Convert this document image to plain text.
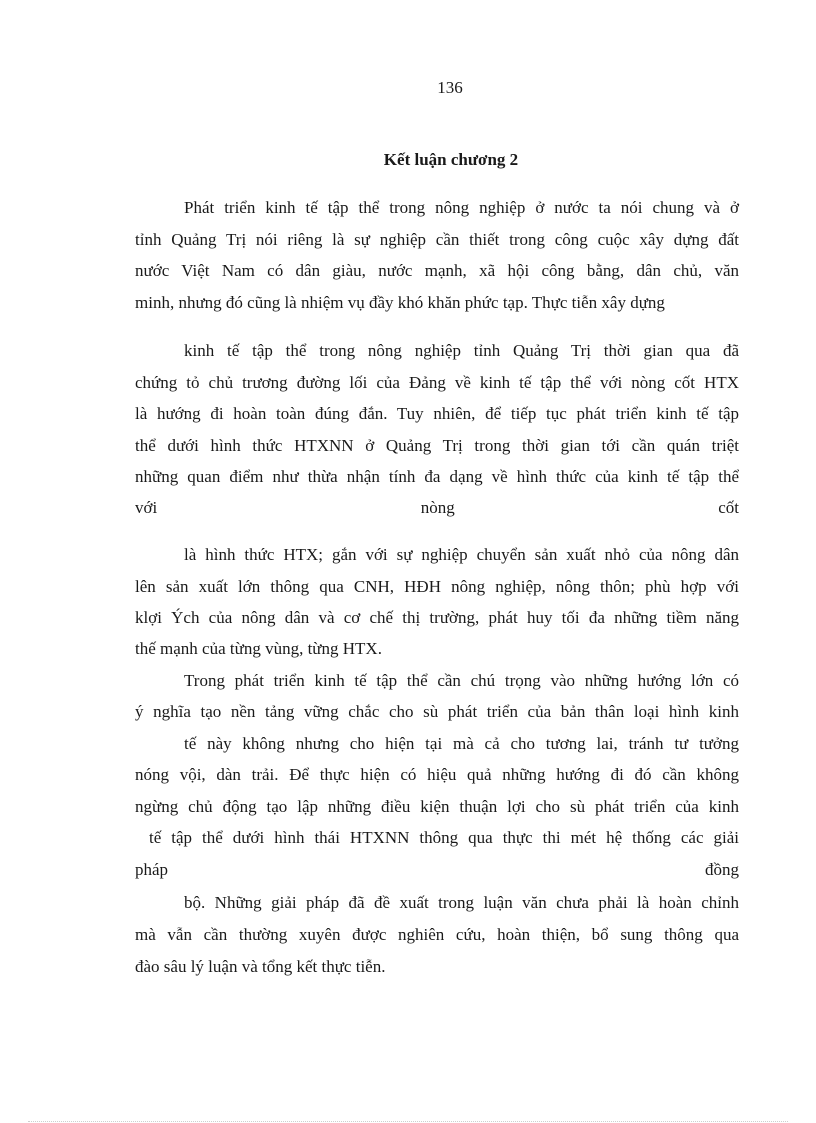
136
Kết luận chương 2
Phát triển kinh tế tập thể trong nông nghiệp ở nước ta nói chung và ở
tỉnh Quảng Trị nói riêng là sự nghiệp cần thiết trong công cuộc xây dựng đất
nước Việt Nam có dân giàu, nước mạnh, xã hội công bằng, dân chủ, văn
minh, nhưng đó cũng là nhiệm vụ đầy khó khăn phức tạp. Thực tiễn xây dựng
kinh tế tập thể trong nông nghiệp tỉnh Quảng Trị thời gian qua đã
chứng tỏ chủ trương đường lối của Đảng về kinh tế tập thể với nòng cốt HTX
là hướng đi hoàn toàn đúng đắn. Tuy nhiên, để tiếp tục phát triển kinh tế tập
thể dưới hình thức HTXNN ở Quảng Trị trong thời gian tới cần quán triệt
những quan điểm như thừa nhận tính đa dạng về hình thức của kinh tế tập thể
với nòng cốt
là hình thức HTX; gắn với sự nghiệp chuyển sản xuất nhỏ của nông dân
lên sản xuất lớn thông qua CNH, HĐH nông nghiệp, nông thôn; phù hợp với
klợi Ých của nông dân và cơ chế thị trường, phát huy tối đa những tiềm năng
thế mạnh của từng vùng, từng HTX.
Trong phát triển kinh tế tập thể cần chú trọng vào những hướng lớn có
ý nghĩa tạo nền tảng vững chắc cho sù phát triển của bản thân loại hình kinh
tế này không nhưng cho hiện tại mà cả cho tương lai, tránh tư tưởng
nóng vội, dàn trải. Để thực hiện có hiệu quả những hướng đi đó cần không
ngừng chủ động tạo lập những điều kiện thuận lợi cho sù phát triển của kinh
tế tập thể dưới hình thái HTXNN thông qua thực thi mét hệ thống các giải
pháp đồng
bộ. Những giải pháp đã đề xuất trong luận văn chưa phải là hoàn chỉnh
mà vẫn cần thường xuyên được nghiên cứu, hoàn thiện, bổ sung thông qua
đào sâu lý luận và tổng kết thực tiễn.
